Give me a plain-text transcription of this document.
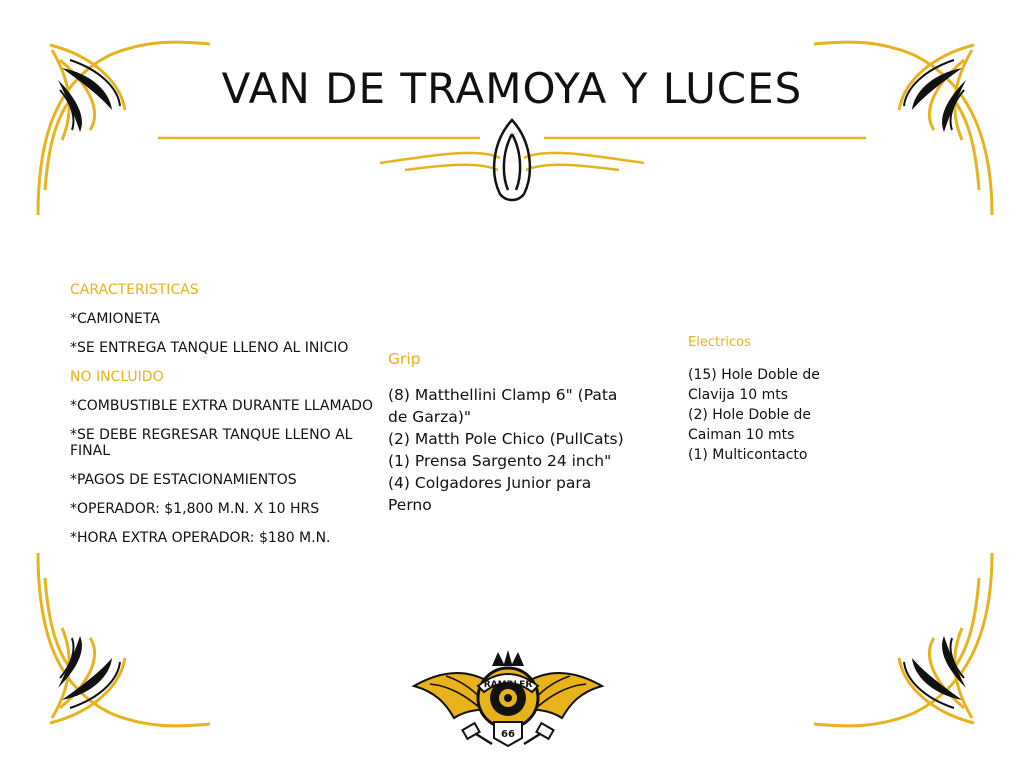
VAN DE TRAMOYA Y LUCES
CARACTERISTICAS
*CAMIONETA
*SE ENTREGA TANQUE LLENO AL INICIO
NO INCLUIDO
*COMBUSTIBLE EXTRA DURANTE LLAMADO
*SE DEBE REGRESAR TANQUE LLENO AL FINAL
*PAGOS DE ESTACIONAMIENTOS
*OPERADOR: $1,800 M.N. X 10 HRS
*HORA EXTRA OPERADOR: $180 M.N.
Grip
(8) Matthellini Clamp 6" (Pata de Garza)"
(2) Matth Pole Chico (PullCats)
(1) Prensa Sargento 24 inch"
(4) Colgadores Junior para Perno
Electricos
(15) Hole Doble de Clavija 10 mts
(2) Hole Doble de Caiman 10 mts
(1) Multicontacto
RAMBLER
66
